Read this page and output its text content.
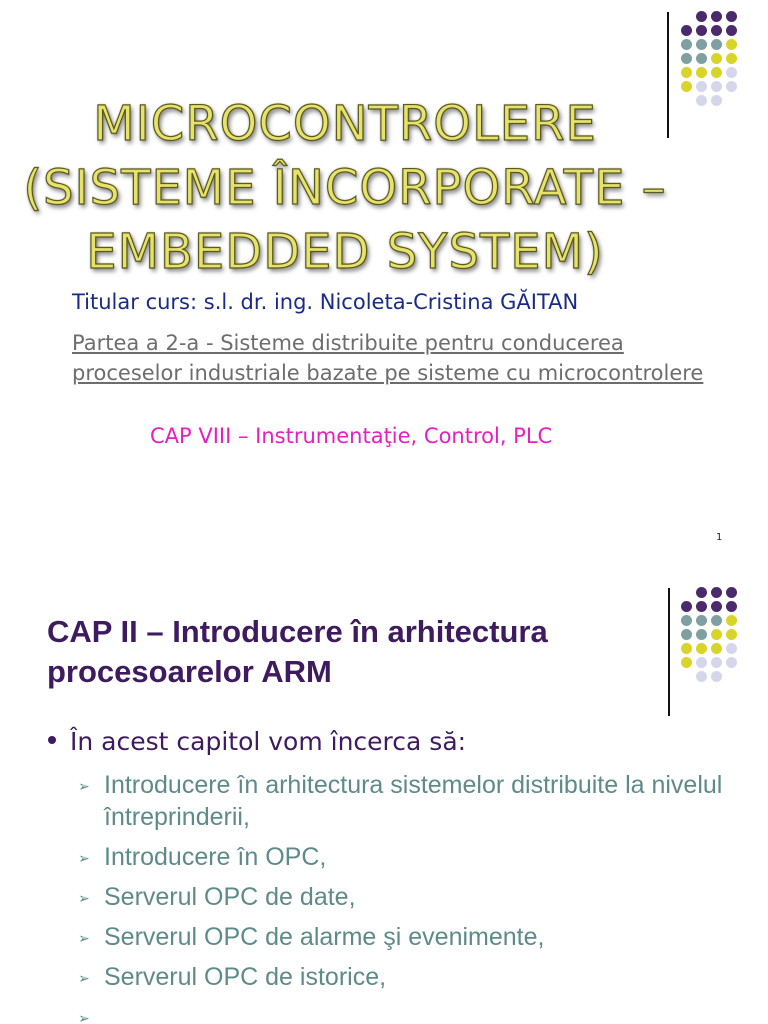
MICROCONTROLERE
(SISTEME ÎNCORPORATE –
EMBEDDED SYSTEM)

Titular curs: s.l. dr. ing. Nicoleta-Cristina GĂITAN

Partea a 2-a - Sisteme distribuite pentru conducerea proceselor industriale bazate pe sisteme cu microcontrolere

CAP VIII – Instrumentaţie, Control, PLC

1
CAP II – Introducere în arhitectura procesoarelor ARM

În acest capitol vom încerca să:

➢ Introducere în arhitectura sistemelor distribuite la nivelul întreprinderii,
➢ Introducere în OPC,
➢ Serverul OPC de date,
➢ Serverul OPC de alarme şi evenimente,
➢ Serverul OPC de istorice,
➢
